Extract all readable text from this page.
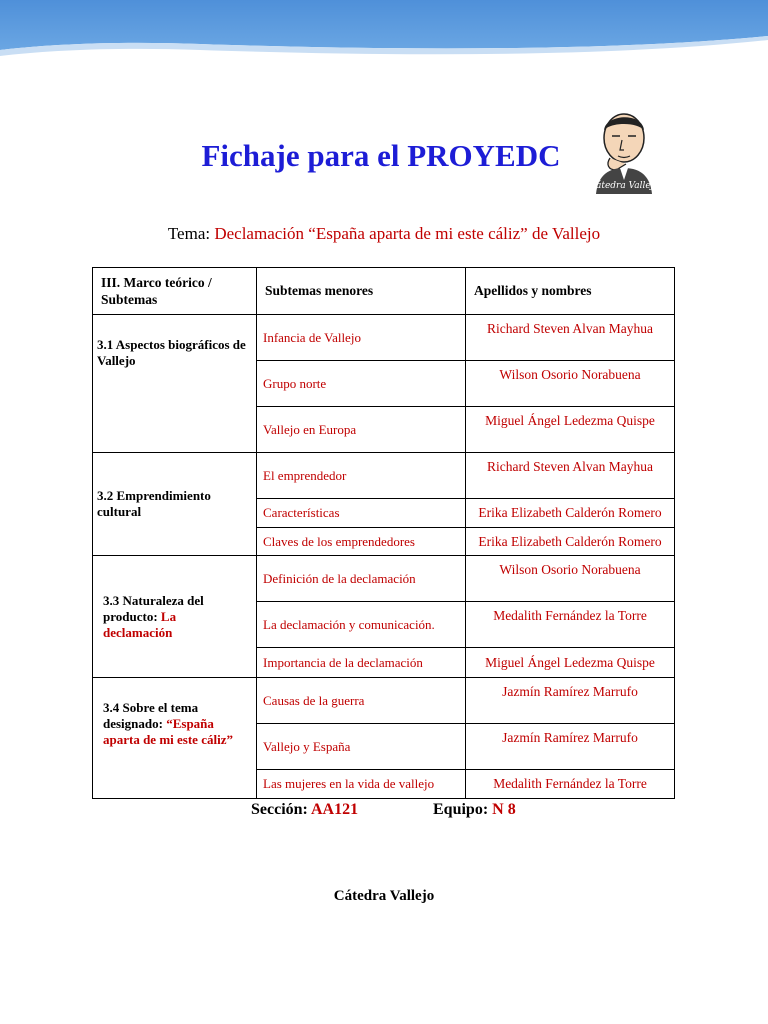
Fichaje para el PROYEDC
Cátedra Vallejo
Tema: Declamación “España aparta de mi este cáliz” de Vallejo
III. Marco teórico / Subtemas	Subtemas menores	Apellidos y nombres

3.1 Aspectos biográficos de Vallejo	Infancia de Vallejo	Richard Steven Alvan Mayhua

	Grupo norte	Wilson Osorio Norabuena

	Vallejo en Europa	Miguel Ángel Ledezma Quispe

3.2 Emprendimiento cultural	El emprendedor	Richard Steven Alvan Mayhua

	Características	Erika Elizabeth Calderón Romero

	Claves de los emprendedores	Erika Elizabeth Calderón Romero

3.3 Naturaleza del producto: La declamación	Definición de la declamación	Wilson Osorio Norabuena

	La declamación y comunicación.	Medalith Fernández la Torre

	Importancia de la declamación	Miguel Ángel Ledezma Quispe

3.4 Sobre el tema designado: “España aparta de mi este cáliz”	Causas de la guerra	Jazmín Ramírez Marrufo

	Vallejo y España	Jazmín Ramírez Marrufo

	Las mujeres en la vida de vallejo	Medalith Fernández la Torre
Sección: AA121	Equipo: N 8
Cátedra Vallejo
